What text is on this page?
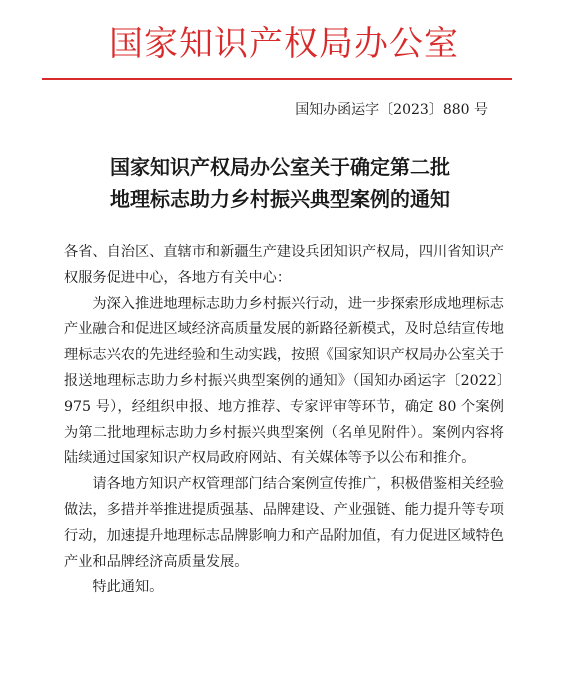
国家知识产权局办公室
国知办函运字〔2023〕880 号
国家知识产权局办公室关于确定第二批
地理标志助力乡村振兴典型案例的通知

各省、自治区、直辖市和新疆生产建设兵团知识产权局，四川省知识产权服务促进中心，各地方有关中心：

为深入推进地理标志助力乡村振兴行动，进一步探索形成地理标志产业融合和促进区域经济高质量发展的新路径新模式，及时总结宣传地理标志兴农的先进经验和生动实践，按照《国家知识产权局办公室关于报送地理标志助力乡村振兴典型案例的通知》（国知办函运字〔2022〕975 号），经组织申报、地方推荐、专家评审等环节，确定 80 个案例为第二批地理标志助力乡村振兴典型案例（名单见附件）。案例内容将陆续通过国家知识产权局政府网站、有关媒体等予以公布和推介。

请各地方知识产权管理部门结合案例宣传推广，积极借鉴相关经验做法，多措并举推进提质强基、品牌建设、产业强链、能力提升等专项行动，加速提升地理标志品牌影响力和产品附加值，有力促进区域特色产业和品牌经济高质量发展。

特此通知。
